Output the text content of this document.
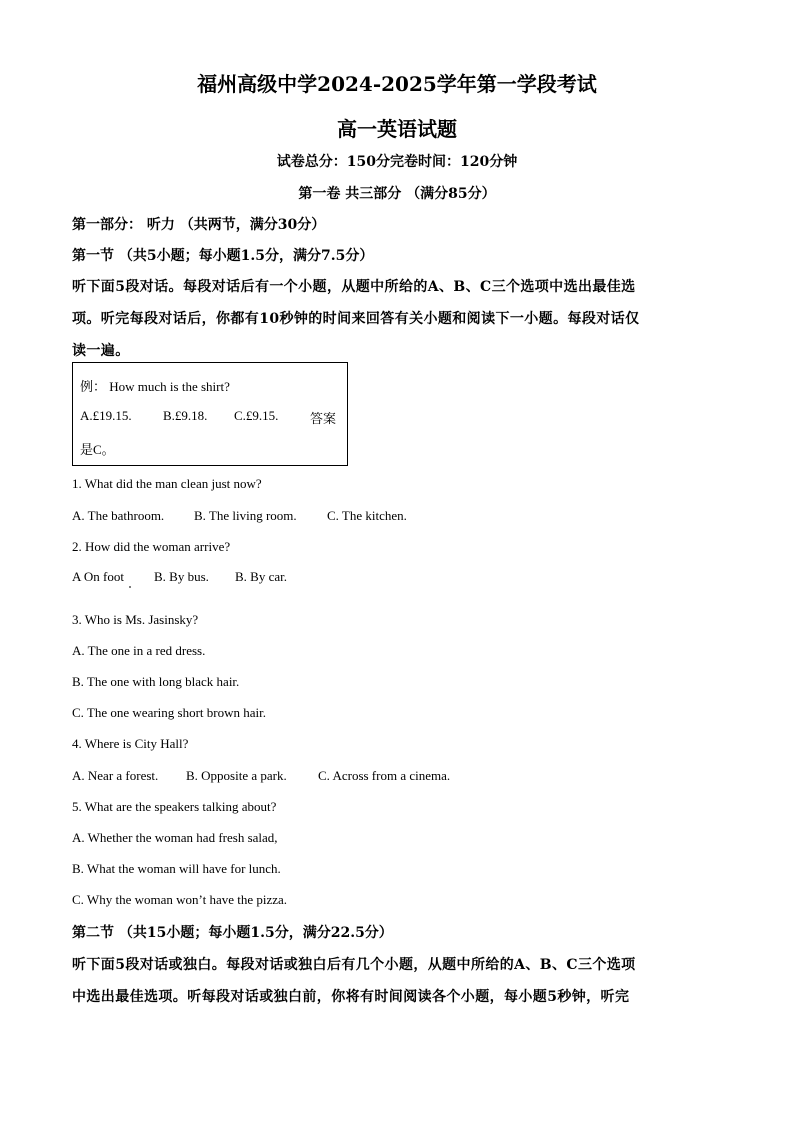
福州高级中学2024-2025学年第一学段考试
高一英语试题
试卷总分：150分完卷时间：120分钟
第一卷 共三部分 （满分85分）
第一部分： 听力 （共两节，满分30分）
第一节 （共5小题；每小题1.5分，满分7.5分）
听下面5段对话。每段对话后有一个小题，从题中所给的A、B、C三个选项中选出最佳选
项。听完每段对话后，你都有10秒钟的时间来回答有关小题和阅读下一小题。每段对话仅
读一遍。
例： How much is the shirt?
A.£19.15. B.£9.18. C.£9.15. 答案
是C。
1. What did the man clean just now?
A. The bathroom. B. The living room. C. The kitchen.
2. How did the woman arrive?
A On foot B. By bus. B. By car.
3. Who is Ms. Jasinsky?
A. The one in a red dress.
B. The one with long black hair.
C. The one wearing short brown hair.
4. Where is City Hall?
A. Near a forest. B. Opposite a park. C. Across from a cinema.
5. What are the speakers talking about?
A. Whether the woman had fresh salad,
B. What the woman will have for lunch.
C. Why the woman won’t have the pizza.
第二节 （共15小题；每小题1.5分，满分22.5分）
听下面5段对话或独白。每段对话或独白后有几个小题，从题中所给的A、B、C三个选项
中选出最佳选项。听每段对话或独白前，你将有时间阅读各个小题，每小题5秒钟，听完
